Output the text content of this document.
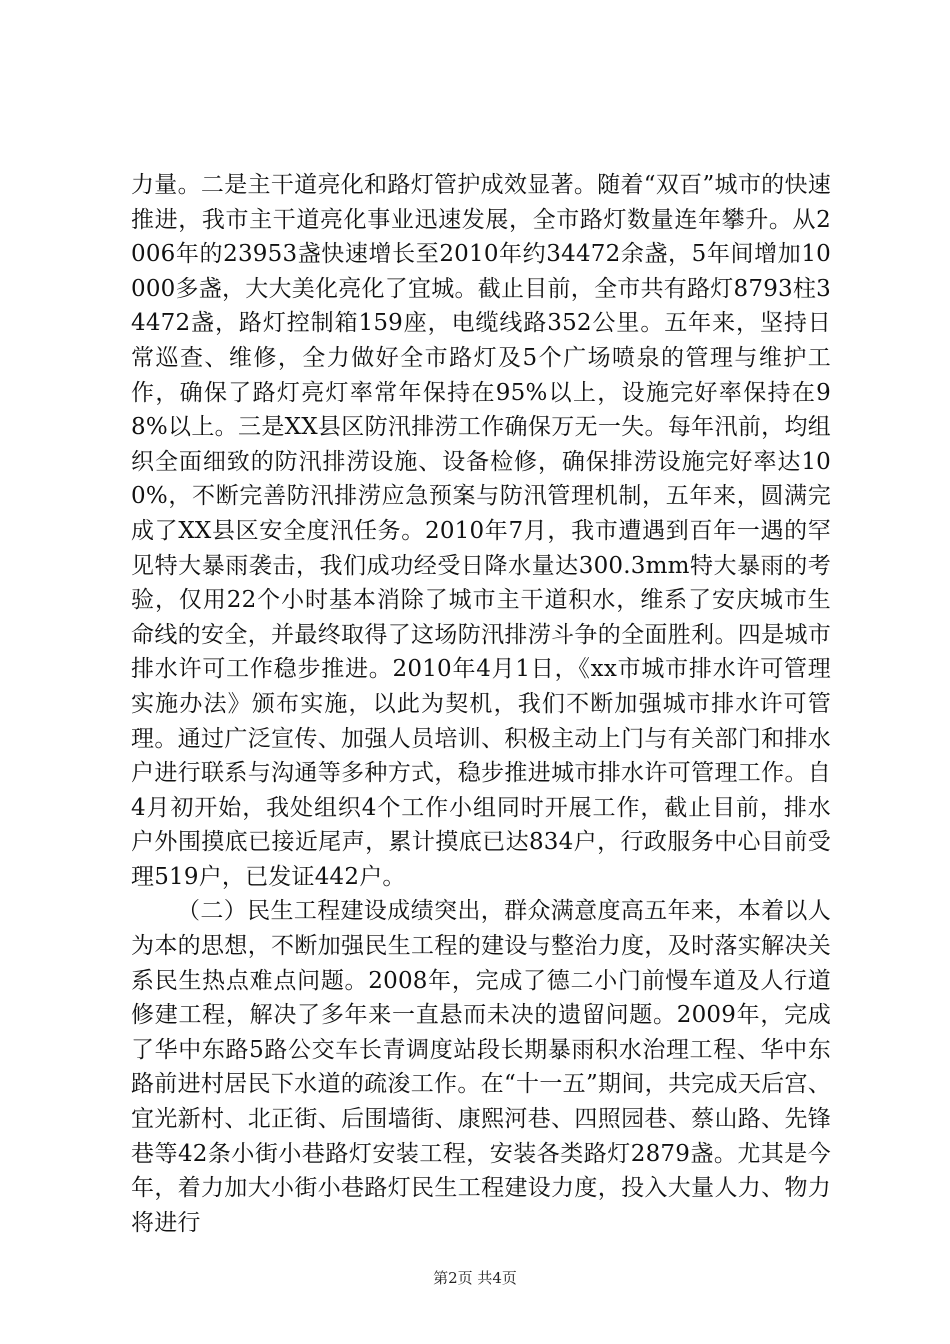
力量。二是主干道亮化和路灯管护成效显著。随着“双百”城市的快速推进，我市主干道亮化事业迅速发展，全市路灯数量连年攀升。从2006年的23953盏快速增长至2010年约34472余盏，5年间增加10000多盏，大大美化亮化了宜城。截止目前，全市共有路灯8793柱34472盏，路灯控制箱159座，电缆线路352公里。五年来，坚持日常巡查、维修，全力做好全市路灯及5个广场喷泉的管理与维护工作，确保了路灯亮灯率常年保持在95%以上，设施完好率保持在98%以上。三是XX县区防汛排涝工作确保万无一失。每年汛前，均组织全面细致的防汛排涝设施、设备检修，确保排涝设施完好率达100%，不断完善防汛排涝应急预案与防汛管理机制，五年来，圆满完成了XX县区安全度汛任务。2010年7月，我市遭遇到百年一遇的罕见特大暴雨袭击，我们成功经受日降水量达300.3mm特大暴雨的考验，仅用22个小时基本消除了城市主干道积水，维系了安庆城市生命线的安全，并最终取得了这场防汛排涝斗争的全面胜利。四是城市排水许可工作稳步推进。2010年4月1日，《xx市城市排水许可管理实施办法》颁布实施，以此为契机，我们不断加强城市排水许可管理。通过广泛宣传、加强人员培训、积极主动上门与有关部门和排水户进行联系与沟通等多种方式，稳步推进城市排水许可管理工作。自4月初开始，我处组织4个工作小组同时开展工作，截止目前，排水户外围摸底已接近尾声，累计摸底已达834户，行政服务中心目前受理519户，已发证442户。

（二）民生工程建设成绩突出，群众满意度高五年来，本着以人为本的思想，不断加强民生工程的建设与整治力度，及时落实解决关系民生热点难点问题。2008年，完成了德二小门前慢车道及人行道修建工程，解决了多年来一直悬而未决的遗留问题。2009年，完成了华中东路5路公交车长青调度站段长期暴雨积水治理工程、华中东路前进村居民下水道的疏浚工作。在“十一五”期间，共完成天后宫、宜光新村、北正街、后围墙街、康熙河巷、四照园巷、蔡山路、先锋巷等42条小街小巷路灯安装工程，安装各类路灯2879盏。尤其是今年，着力加大小街小巷路灯民生工程建设力度，投入大量人力、物力将进行

第2页 共4页
